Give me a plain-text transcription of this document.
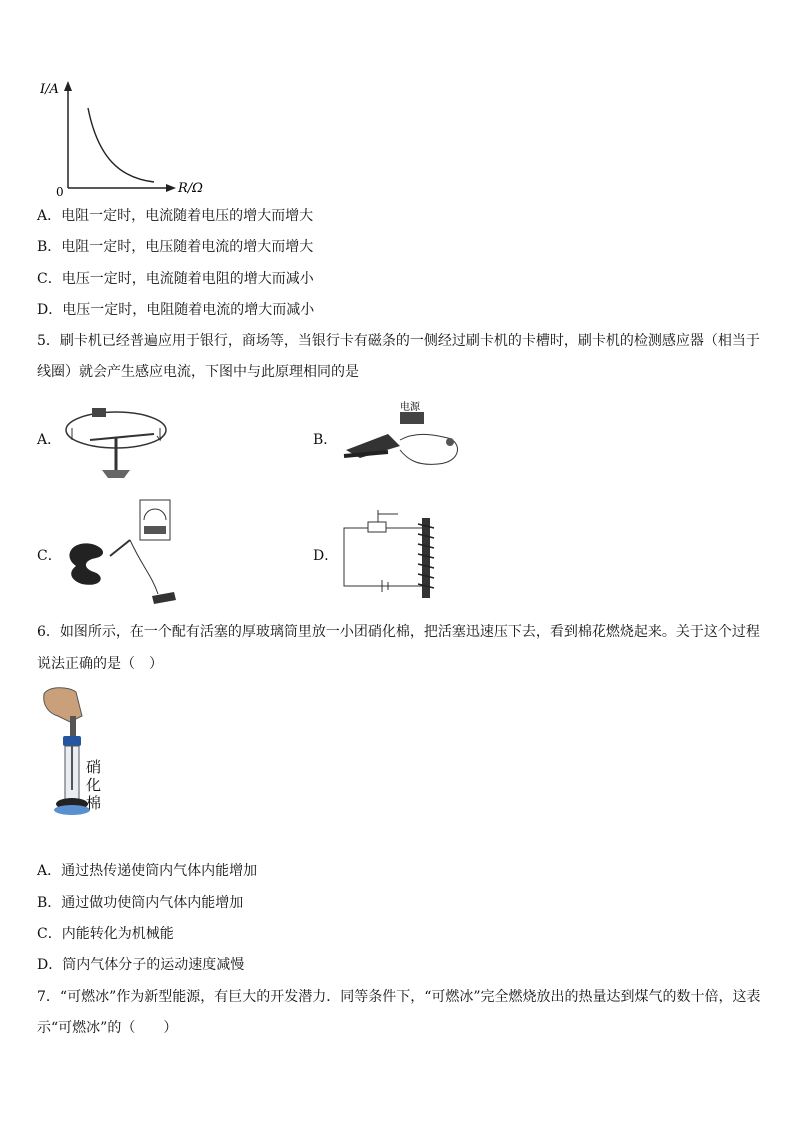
I/A
R/Ω
0
A．电阻一定时，电流随着电压的增大而增大
B．电阻一定时，电压随着电流的增大而增大
C．电压一定时，电流随着电阻的增大而减小
D．电压一定时，电阻随着电流的增大而减小
5．刷卡机已经普遍应用于银行，商场等，当银行卡有磁条的一侧经过刷卡机的卡槽时，刷卡机的检测感应器（相当于
线圈）就会产生感应电流，下图中与此原理相同的是
A．	B．
电源
C．	D．
6．如图所示，在一个配有活塞的厚玻璃筒里放一小团硝化棉，把活塞迅速压下去，看到棉花燃烧起来。关于这个过程
说法正确的是（　）
硝
化
棉
A．通过热传递使筒内气体内能增加
B．通过做功使筒内气体内能增加
C．内能转化为机械能
D．筒内气体分子的运动速度减慢
7．“可燃冰”作为新型能源，有巨大的开发潜力．同等条件下，“可燃冰”完全燃烧放出的热量达到煤气的数十倍，这表
示“可燃冰”的（　　）
